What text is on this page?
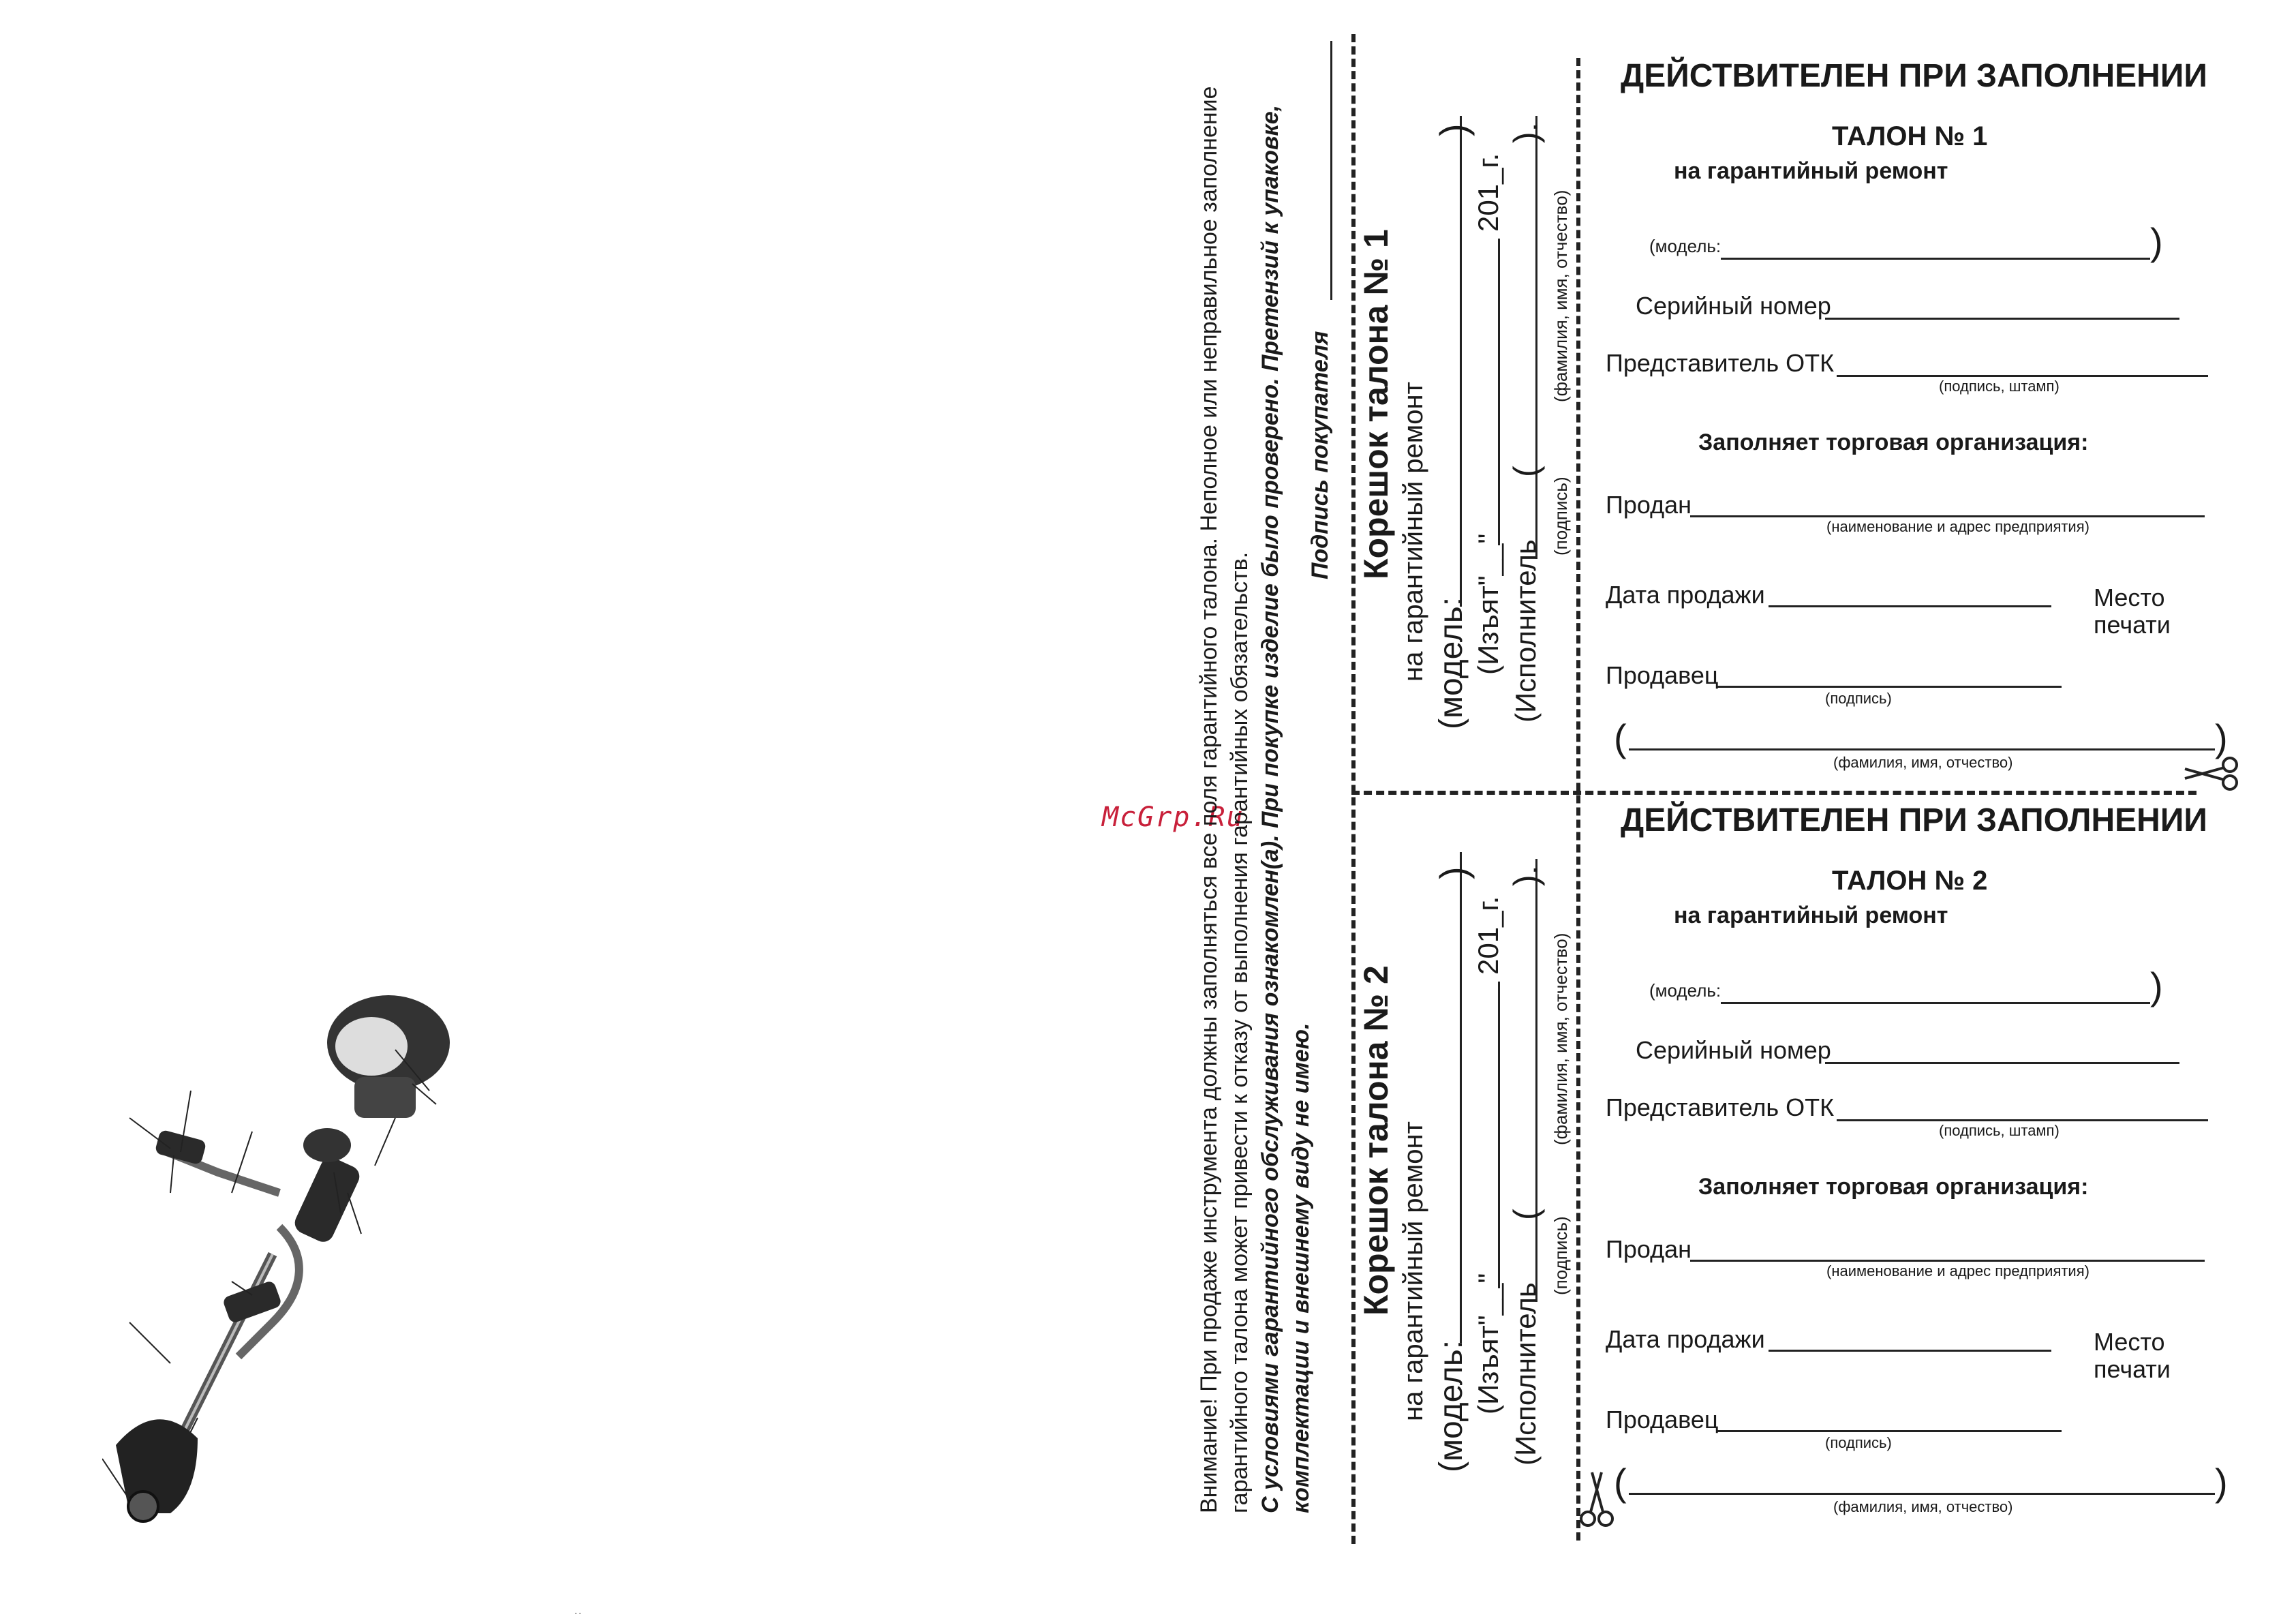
McGrp.Ru
··
Внимание! При продаже инструмента должны заполняться все поля гарантийного талона. Неполное или неправильное заполнение гарантийного талона может привести к отказу от выполнения гарантийных обязательств. С условиями гарантийного обслуживания ознакомлен(а). При покупке изделие было проверено. Претензий к упаковке, комплектации и внешнему виду не имею.
Подпись покупателя Корешок талона № 1 на гарантийный ремонт (модель:
)
(Изъят"__"
201_г.
(Исполнитель
(
).
(подпись)
(фамилия, имя, отчество)
Корешок талона № 2 на гарантийный ремонт (модель:
)
(Изъят"__"
201_г.
(Исполнитель
(
).
(подпись)
(фамилия, имя, отчество)
ДЕЙСТВИТЕЛЕН ПРИ ЗАПОЛНЕНИИ
ТАЛОН № 1
на гарантийный ремонт
(модель:	)
Серийный номер
Представитель ОТК
(подпись, штамп)
Заполняет торговая организация:
Продан
(наименование и адрес предприятия)
Дата продажи	Место
печати
Продавец
(подпись)
(	)
(фамилия, имя, отчество)
ДЕЙСТВИТЕЛЕН ПРИ ЗАПОЛНЕНИИ
ТАЛОН № 2
на гарантийный ремонт
(модель:	)
Серийный номер
Представитель ОТК
(подпись, штамп)
Заполняет торговая организация:
Продан
(наименование и адрес предприятия)
Дата продажи	Место
печати
Продавец
(подпись)
(	)
(фамилия, имя, отчество)
